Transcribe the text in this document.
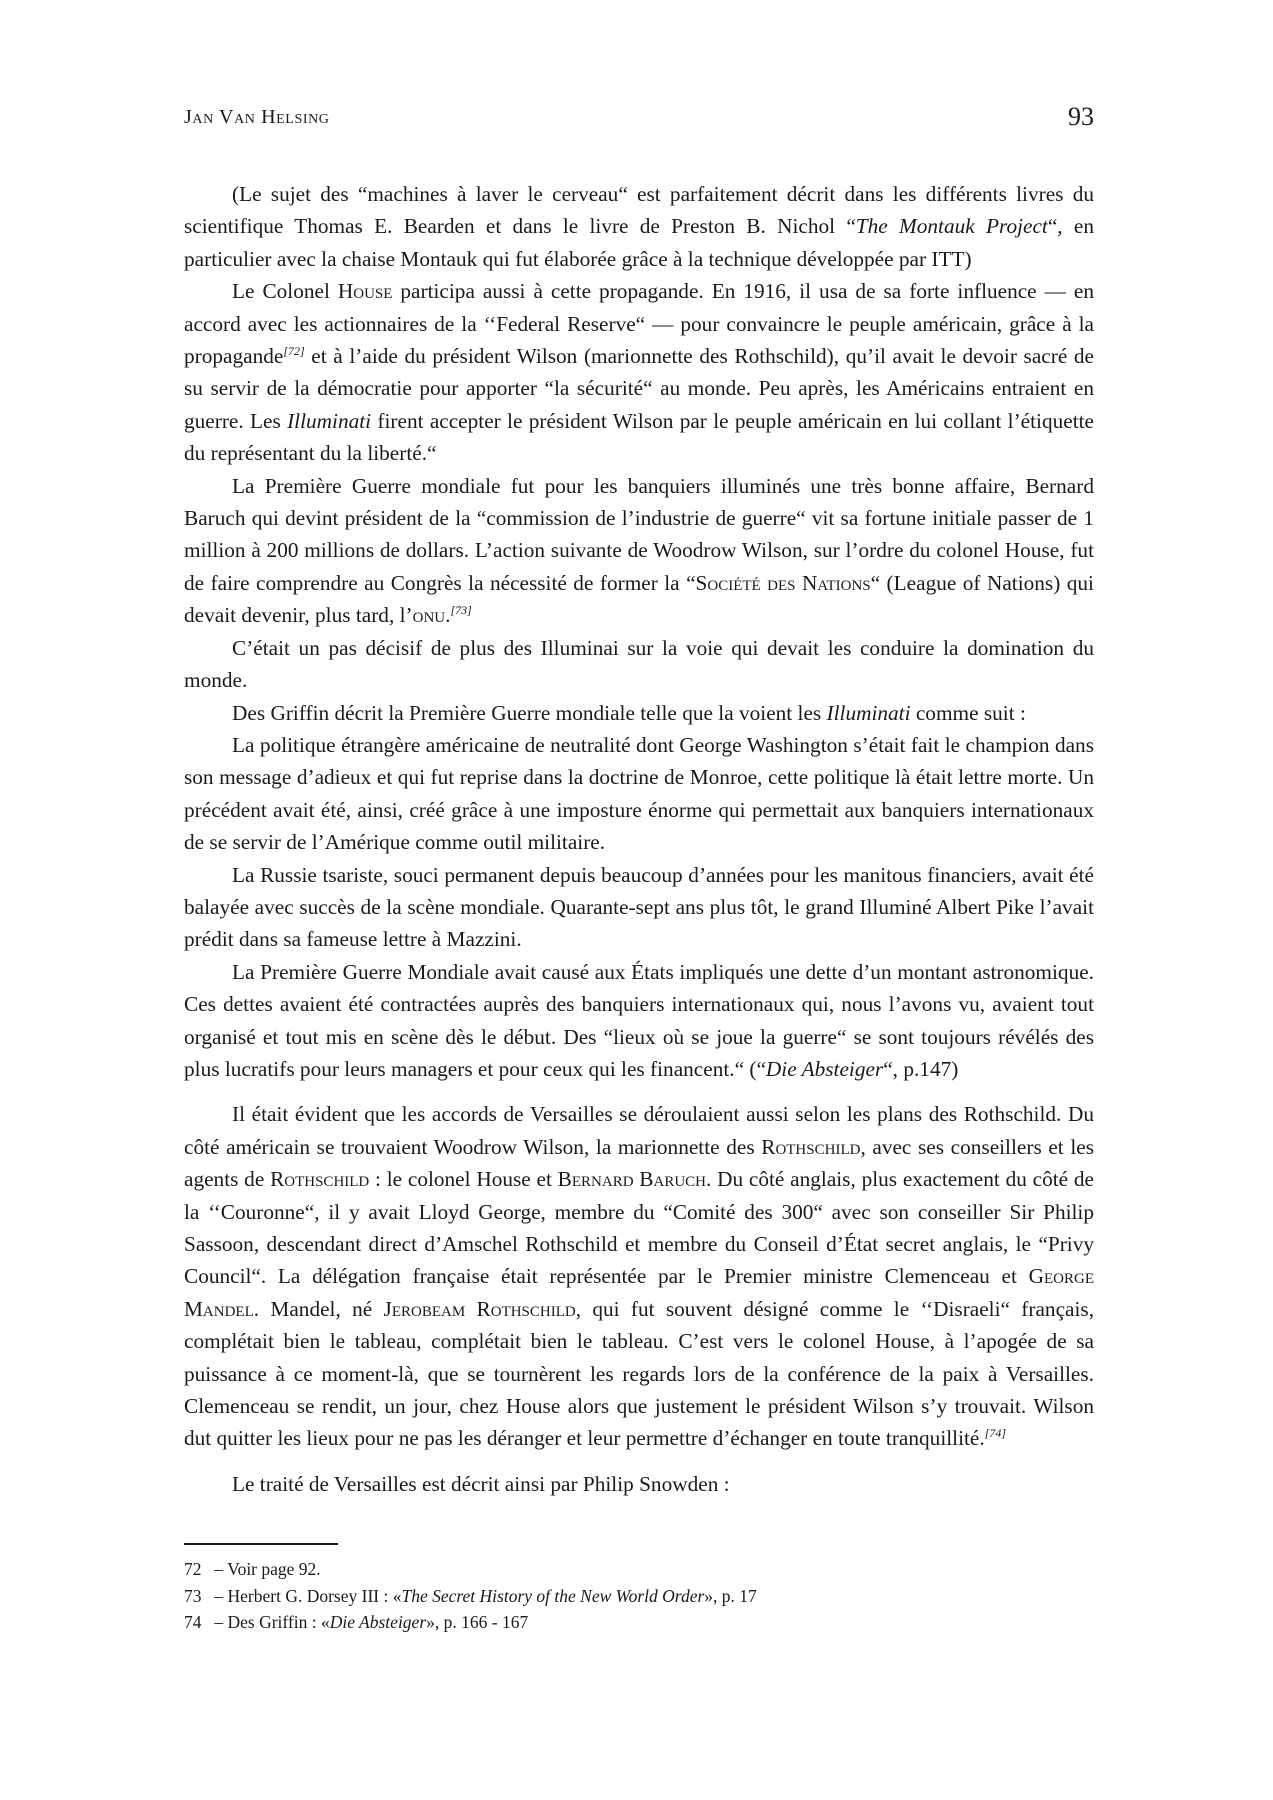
Jan Van Helsing	93

(Le sujet des “machines à laver le cerveau“ est parfaitement décrit dans les différents livres du scientifique Thomas E. Bearden et dans le livre de Preston B. Nichol “The Montauk Project“, en particulier avec la chaise Montauk qui fut élaborée grâce à la technique développée par ITT)

Le Colonel House participa aussi à cette propagande. En 1916, il usa de sa forte influence — en accord avec les actionnaires de la ‘‘Federal Reserve“ — pour convaincre le peuple américain, grâce à la propagande[72] et à l’aide du président Wilson (marionnette des Rothschild), qu’il avait le devoir sacré de su servir de la démocratie pour apporter “la sécurité“ au monde. Peu après, les Américains entraient en guerre. Les Illuminati firent accepter le président Wilson par le peuple américain en lui collant l’étiquette du représentant du la liberté.“

La Première Guerre mondiale fut pour les banquiers illuminés une très bonne affaire, Bernard Baruch qui devint président de la “commission de l’industrie de guerre“ vit sa fortune initiale passer de 1 million à 200 millions de dollars. L’action suivante de Woodrow Wilson, sur l’ordre du colonel House, fut de faire comprendre au Congrès la nécessité de former la “Société des Nations“ (League of Nations) qui devait devenir, plus tard, l’onu.[73]

C’était un pas décisif de plus des Illuminai sur la voie qui devait les conduire la domination du monde.

Des Griffin décrit la Première Guerre mondiale telle que la voient les Illuminati comme suit :

La politique étrangère américaine de neutralité dont George Washington s’était fait le champion dans son message d’adieux et qui fut reprise dans la doctrine de Monroe, cette politique là était lettre morte. Un précédent avait été, ainsi, créé grâce à une imposture énorme qui permettait aux banquiers internationaux de se servir de l’Amérique comme outil militaire.

La Russie tsariste, souci permanent depuis beaucoup d’années pour les manitous financiers, avait été balayée avec succès de la scène mondiale. Quarante-sept ans plus tôt, le grand Illuminé Albert Pike l’avait prédit dans sa fameuse lettre à Mazzini.

La Première Guerre Mondiale avait causé aux États impliqués une dette d’un montant astronomique. Ces dettes avaient été contractées auprès des banquiers internationaux qui, nous l’avons vu, avaient tout organisé et tout mis en scène dès le début. Des “lieux où se joue la guerre“ se sont toujours révélés des plus lucratifs pour leurs managers et pour ceux qui les financent.“ (“Die Absteiger“, p.147)

Il était évident que les accords de Versailles se déroulaient aussi selon les plans des Rothschild. Du côté américain se trouvaient Woodrow Wilson, la marionnette des Rothschild, avec ses conseillers et les agents de Rothschild : le colonel House et Bernard Baruch. Du côté anglais, plus exactement du côté de la ‘‘Couronne“, il y avait Lloyd George, membre du “Comité des 300“ avec son conseiller Sir Philip Sassoon, descendant direct d’Amschel Rothschild et membre du Conseil d’État secret anglais, le “Privy Council“. La délégation française était représentée par le Premier ministre Clemenceau et George Mandel. Mandel, né Jerobeam Rothschild, qui fut souvent désigné comme le ‘‘Disraeli“ français, complétait bien le tableau, complétait bien le tableau. C’est vers le colonel House, à l’apogée de sa puissance à ce moment-là, que se tournèrent les regards lors de la conférence de la paix à Versailles. Clemenceau se rendit, un jour, chez House alors que justement le président Wilson s’y trouvait. Wilson dut quitter les lieux pour ne pas les déranger et leur permettre d’échanger en toute tranquillité.[74]

Le traité de Versailles est décrit ainsi par Philip Snowden :

72 – Voir page 92.
73 – Herbert G. Dorsey III : «The Secret History of the New World Order», p. 17
74 – Des Griffin : «Die Absteiger», p. 166 - 167
